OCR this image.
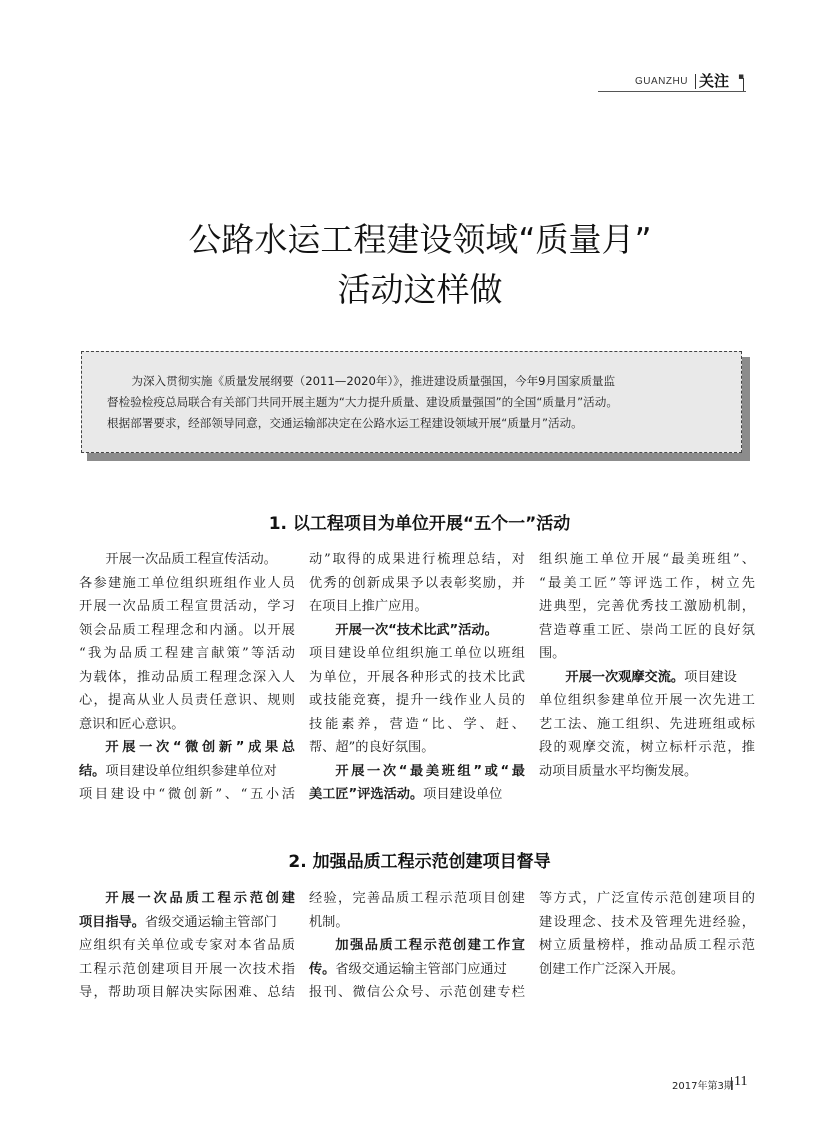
GUANZHU 关注 ▪
公路水运工程建设领域“质量月”
活动这样做

为深入贯彻实施《质量发展纲要（2011—2020年）》，推进建设质量强国，今年9月国家质量监

督检验检疫总局联合有关部门共同开展主题为“大力提升质量、建设质量强国”的全国“质量月”活动。

根据部署要求，经部领导同意，交通运输部决定在公路水运工程建设领域开展“质量月”活动。

1. 以工程项目为单位开展“五个一”活动
开展一次品质工程宣传活动。
各参建施工单位组织班组作业人员
开展一次品质工程宣贯活动，学习
领会品质工程理念和内涵。以开展
“我为品质工程建言献策”等活动
为载体，推动品质工程理念深入人
心，提高从业人员责任意识、规则
意识和匠心意识。
开展一次“微创新”成果总
结。项目建设单位组织参建单位对
项目建设中“微创新”、“五小活
动”取得的成果进行梳理总结，对
优秀的创新成果予以表彰奖励，并
在项目上推广应用。
开展一次“技术比武”活动。
项目建设单位组织施工单位以班组
为单位，开展各种形式的技术比武
或技能竞赛，提升一线作业人员的
技能素养，营造“比、学、赶、
帮、超”的良好氛围。
开展一次“最美班组”或“最
美工匠”评选活动。项目建设单位
组织施工单位开展“最美班组”、
“最美工匠”等评选工作，树立先
进典型，完善优秀技工激励机制，
营造尊重工匠、崇尚工匠的良好氛
围。
开展一次观摩交流。项目建设
单位组织参建单位开展一次先进工
艺工法、施工组织、先进班组或标
段的观摩交流，树立标杆示范，推
动项目质量水平均衡发展。
2. 加强品质工程示范创建项目督导
开展一次品质工程示范创建
项目指导。省级交通运输主管部门
应组织有关单位或专家对本省品质
工程示范创建项目开展一次技术指
导，帮助项目解决实际困难、总结
经验，完善品质工程示范项目创建
机制。
加强品质工程示范创建工作宣
传。省级交通运输主管部门应通过
报刊、微信公众号、示范创建专栏
等方式，广泛宣传示范创建项目的
建设理念、技术及管理先进经验，
树立质量榜样，推动品质工程示范
创建工作广泛深入开展。
2017年第3期 11
